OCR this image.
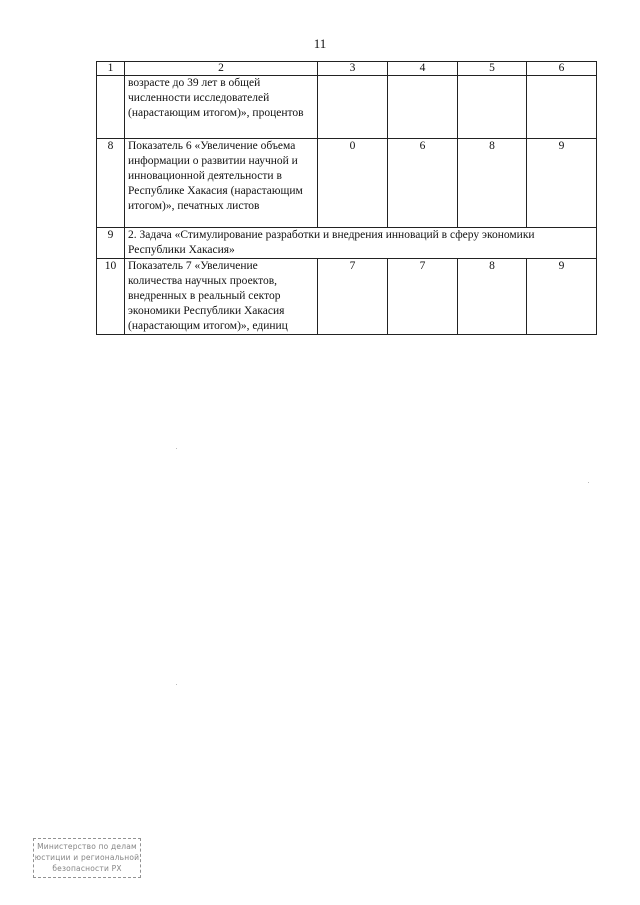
11
1	2	3	4	5	6
	возрасте до 39 лет в общей численности исследователей (нарастающим итогом)», процентов				
8	Показатель 6 «Увеличение объема информации о развитии научной и инновационной деятельности в Республике Хакасия (нарастающим итогом)», печатных листов	0	6	8	9
9	2. Задача «Стимулирование разработки и внедрения инноваций в сферу экономики Республики Хакасия»				
10	Показатель 7 «Увеличение количества научных проектов, внедренных в реальный сектор экономики Республики Хакасия (нарастающим итогом)», единиц	7	7	8	9
Министерство по делам
юстиции и региональной
безопасности РХ
